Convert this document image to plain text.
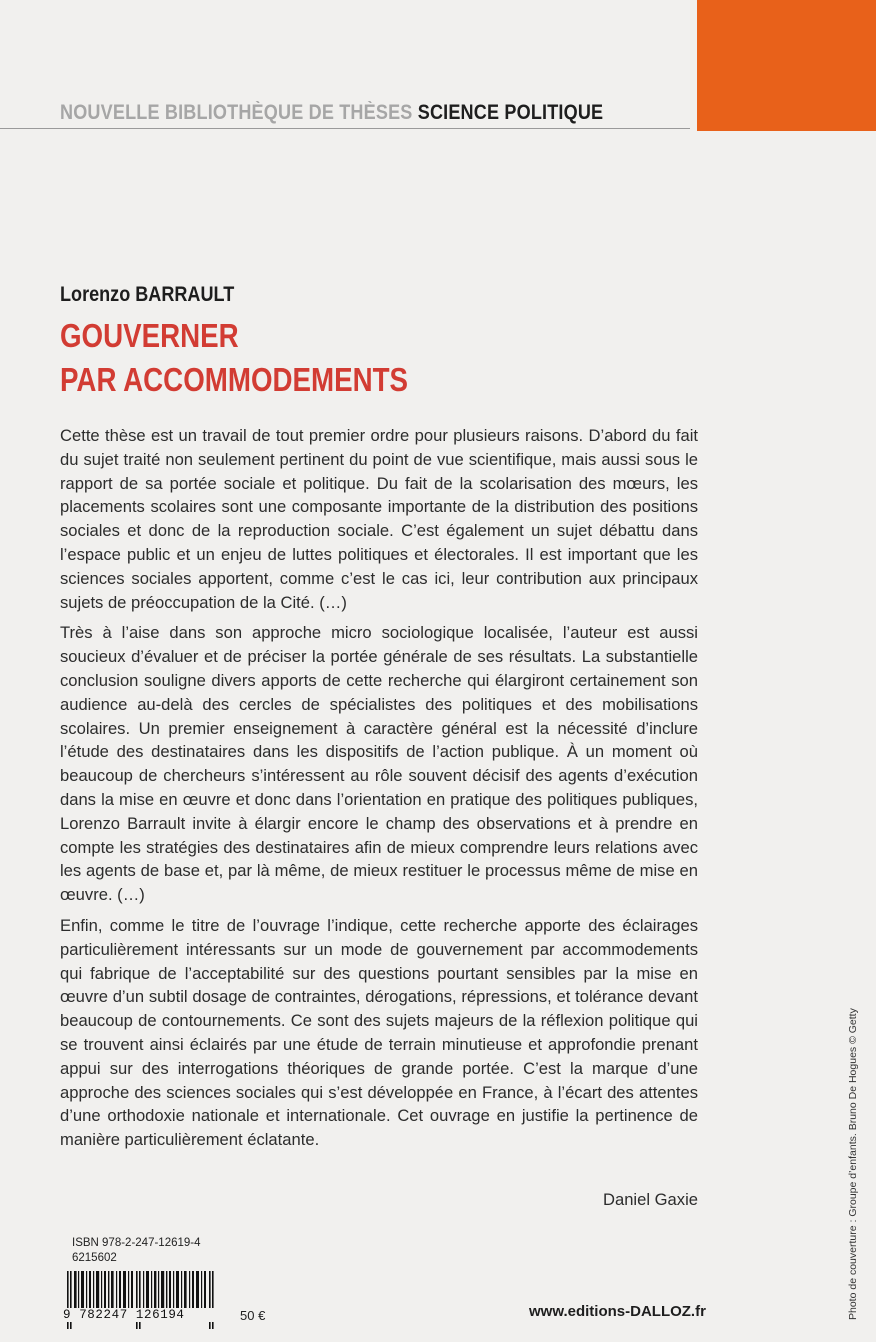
NOUVELLE BIBLIOTHÈQUE DE THÈSES SCIENCE POLITIQUE
Lorenzo BARRAULT
GOUVERNER
PAR ACCOMMODEMENTS

Cette thèse est un travail de tout premier ordre pour plusieurs raisons. D’abord du fait du sujet traité non seulement pertinent du point de vue scientifique, mais aussi sous le rapport de sa portée sociale et politique. Du fait de la scolarisation des mœurs, les placements scolaires sont une composante importante de la distribution des positions sociales et donc de la reproduction sociale. C’est également un sujet débattu dans l’espace public et un enjeu de luttes politiques et électorales. Il est important que les sciences sociales apportent, comme c’est le cas ici, leur contribution aux principaux sujets de préoccupation de la Cité. (…)

Très à l’aise dans son approche micro sociologique localisée, l’auteur est aussi soucieux d’évaluer et de préciser la portée générale de ses résultats. La substantielle conclusion souligne divers apports de cette recherche qui élargiront certainement son audience au-delà des cercles de spécialistes des politiques et des mobilisations scolaires. Un premier enseignement à caractère général est la nécessité d’inclure l’étude des destinataires dans les dispositifs de l’action publique. À un moment où beaucoup de chercheurs s’intéressent au rôle souvent décisif des agents d’exécution dans la mise en œuvre et donc dans l’orientation en pratique des politiques publiques, Lorenzo Barrault invite à élargir encore le champ des observations et à prendre en compte les stratégies des destinataires afin de mieux comprendre leurs relations avec les agents de base et, par là même, de mieux restituer le processus même de mise en œuvre. (…)

Enfin, comme le titre de l’ouvrage l’indique, cette recherche apporte des éclairages particulièrement intéressants sur un mode de gouvernement par accommodements qui fabrique de l’acceptabilité sur des questions pourtant sensibles par la mise en œuvre d’un subtil dosage de contraintes, dérogations, répressions, et tolérance devant beaucoup de contournements. Ce sont des sujets majeurs de la réflexion politique qui se trouvent ainsi éclairés par une étude de terrain minutieuse et approfondie prenant appui sur des interrogations théoriques de grande portée. C’est la marque d’une approche des sciences sociales qui s’est développée en France, à l’écart des attentes d’une orthodoxie nationale et internationale. Cet ouvrage en justifie la pertinence de manière particulièrement éclatante.

Daniel Gaxie
ISBN 978-2-247-12619-4
6215602
9 782247 126194	50 €	www.editions-DALLOZ.fr	Photo de couverture : Groupe d’enfants. Bruno De Hogues © Getty
